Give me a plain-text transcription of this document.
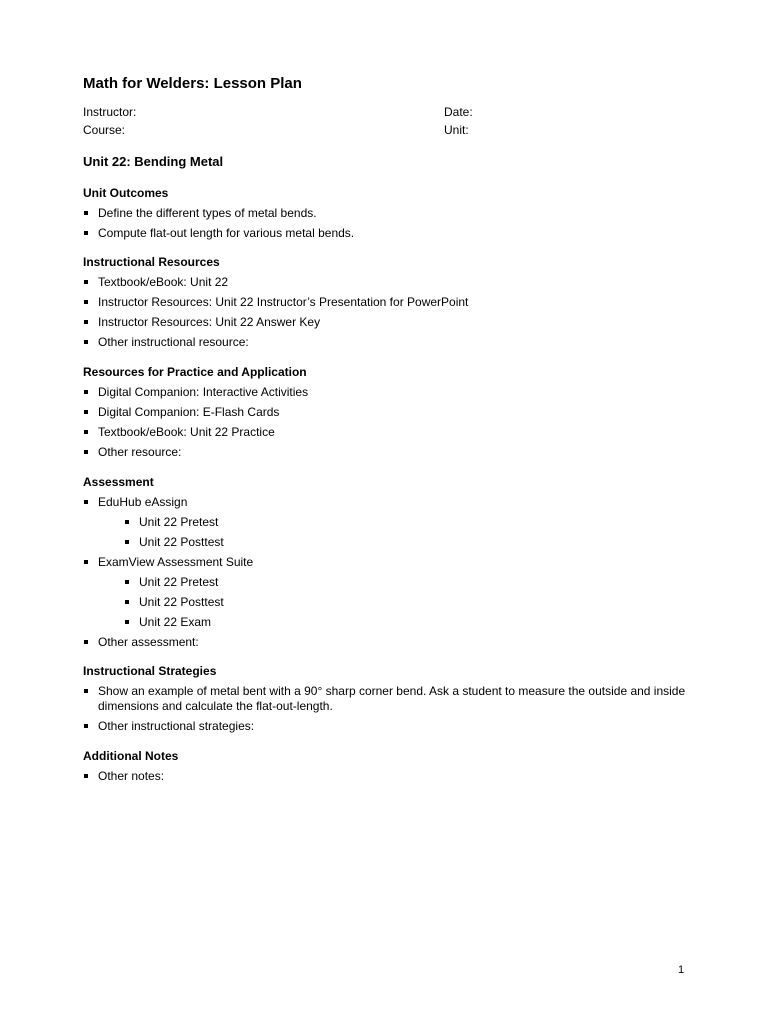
Math for Welders: Lesson Plan
Instructor:	Date:
Course:	Unit:
Unit 22: Bending Metal
Unit Outcomes
Define the different types of metal bends.
Compute flat-out length for various metal bends.
Instructional Resources
Textbook/eBook: Unit 22
Instructor Resources: Unit 22 Instructor’s Presentation for PowerPoint
Instructor Resources: Unit 22 Answer Key
Other instructional resource:
Resources for Practice and Application
Digital Companion: Interactive Activities
Digital Companion: E-Flash Cards
Textbook/eBook: Unit 22 Practice
Other resource:
Assessment
EduHub eAssign
Unit 22 Pretest
Unit 22 Posttest
ExamView Assessment Suite
Unit 22 Pretest
Unit 22 Posttest
Unit 22 Exam
Other assessment:
Instructional Strategies
Show an example of metal bent with a 90° sharp corner bend. Ask a student to measure the outside and inside dimensions and calculate the flat-out-length.
Other instructional strategies:
Additional Notes
Other notes:
1
